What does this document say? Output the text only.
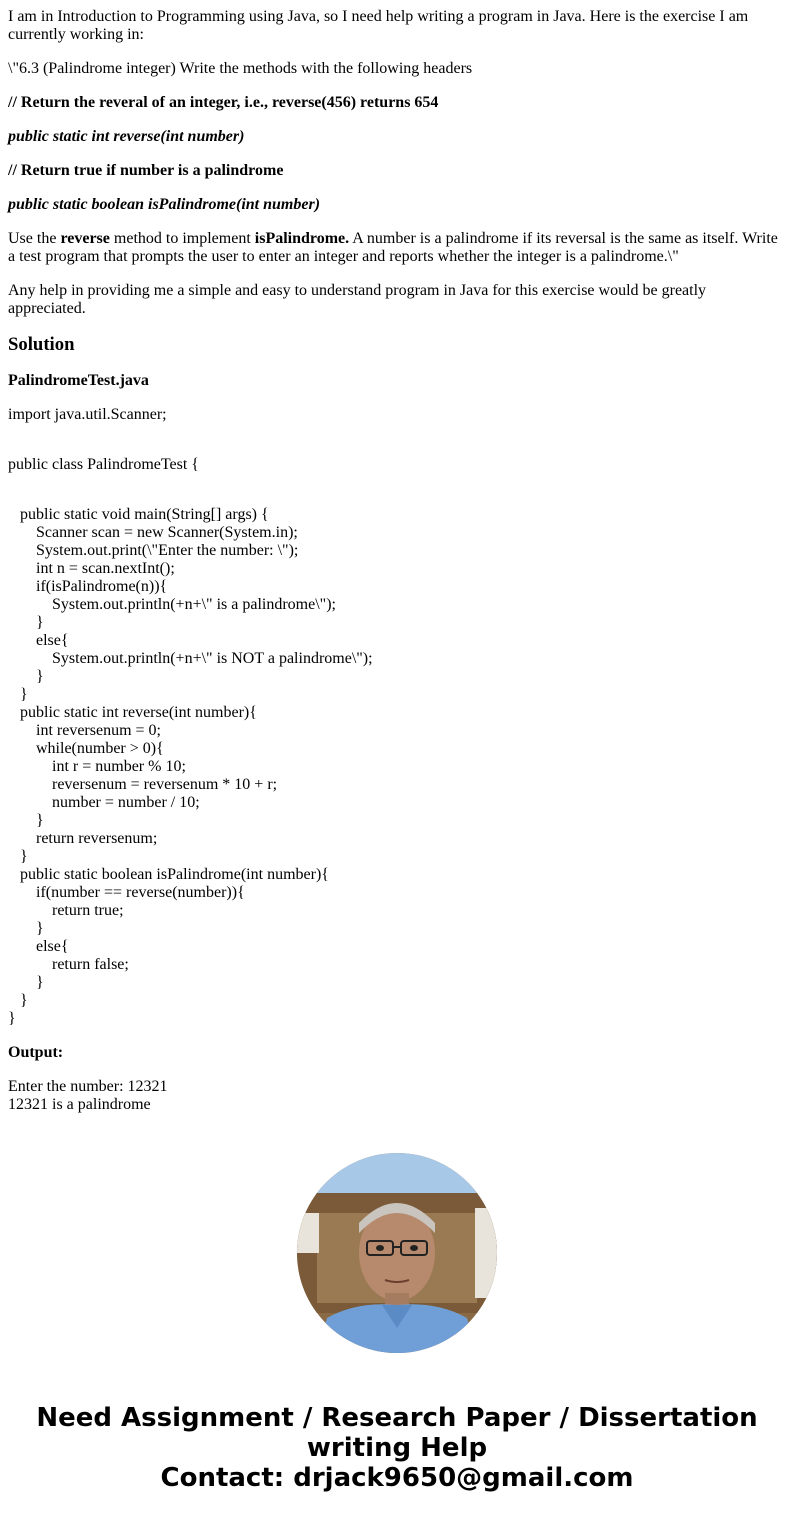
I am in Introduction to Programming using Java, so I need help writing a program in Java. Here is the exercise I am currently working in:

\"6.3 (Palindrome integer) Write the methods with the following headers

// Return the reveral of an integer, i.e., reverse(456) returns 654

public static int reverse(int number)

// Return true if number is a palindrome

public static boolean isPalindrome(int number)

Use the reverse method to implement isPalindrome. A number is a palindrome if its reversal is the same as itself. Write a test program that prompts the user to enter an integer and reports whether the integer is a palindrome.\"

Any help in providing me a simple and easy to understand program in Java for this exercise would be greatly appreciated.

Solution

PalindromeTest.java

import java.util.Scanner;
public class PalindromeTest {
public static void main(String[] args) {
Scanner scan = new Scanner(System.in);
System.out.print(\"Enter the number: \");
int n = scan.nextInt();
if(isPalindrome(n)){
System.out.println(+n+\" is a palindrome\");
}
else{
System.out.println(+n+\" is NOT a palindrome\");
}
}
public static int reverse(int number){
int reversenum = 0;
while(number > 0){
int r = number % 10;
reversenum = reversenum * 10 + r;
number = number / 10;
}
return reversenum;
}
public static boolean isPalindrome(int number){
if(number == reverse(number)){
return true;
}
else{
return false;
}
}
}

Output:

Enter the number: 12321
12321 is a palindrome
Need Assignment / Research Paper / Dissertation
writing Help
Contact: drjack9650@gmail.com
